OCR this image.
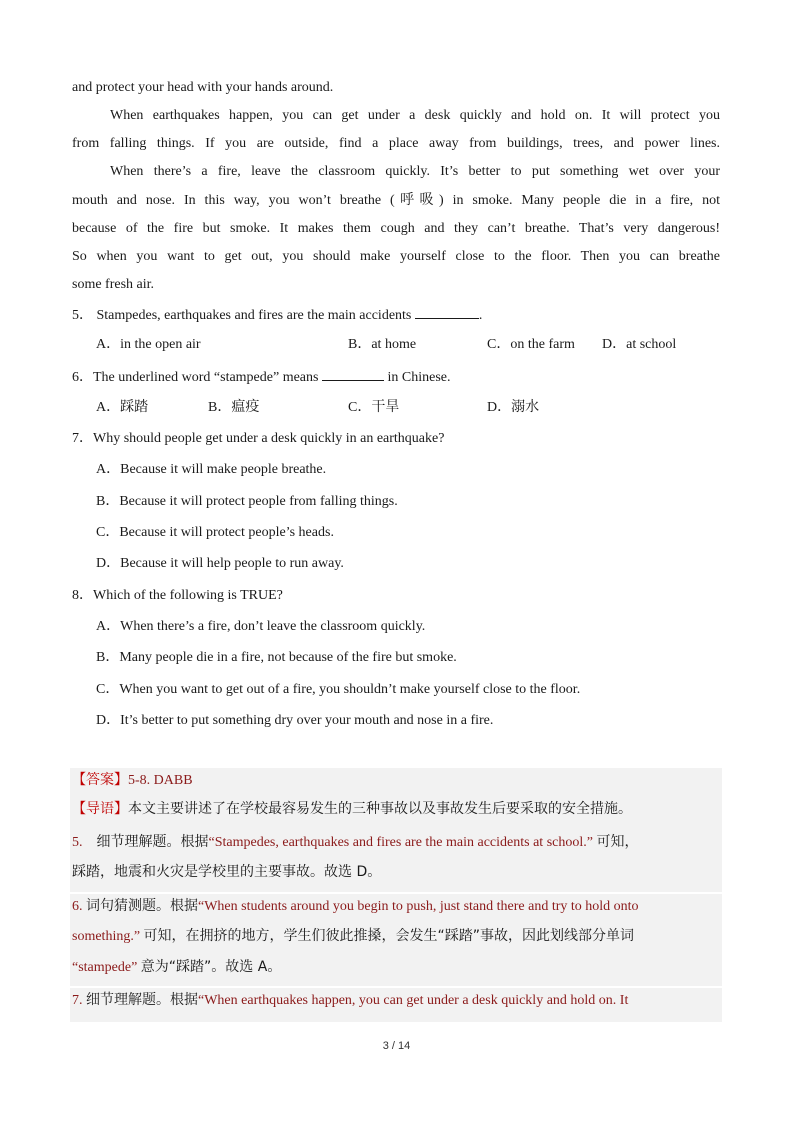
and protect your head with your hands around.
When earthquakes happen, you can get under a desk quickly and hold on. It will protect you
from falling things. If you are outside, find a place away from buildings, trees, and power lines.
When there’s a fire, leave the classroom quickly. It’s better to put something wet over your
mouth and nose. In this way, you won’t breathe (呼吸) in smoke. Many people die in a fire, not
because of the fire but smoke. It makes them cough and they can’t breathe. That’s very dangerous!
So when you want to get out, you should make yourself close to the floor. Then you can breathe
some fresh air.
5． Stampedes, earthquakes and fires are the main accidents	.
A．in the open air	B．at home	C．on the farm D．at school
6．The underlined word “stampede” means	in Chinese.
A．踩踏	B．瘟疫	C．干旱	D．溺水
7．Why should people get under a desk quickly in an earthquake?
A．Because it will make people breathe.
B．Because it will protect people from falling things.
C．Because it will protect people’s heads.
D．Because it will help people to run away.
8．Which of the following is TRUE?
A．When there’s a fire, don’t leave the classroom quickly.
B．Many people die in a fire, not because of the fire but smoke.
C．When you want to get out of a fire, you shouldn’t make yourself close to the floor.
D．It’s better to put something dry over your mouth and nose in a fire.
【答案】5-8. DABB
【导语】本文主要讲述了在学校最容易发生的三种事故以及事故发生后要采取的安全措施。
5.    细节理解题。根据“Stampedes, earthquakes and fires are the main accidents at school.” 可知，
踩踏，地震和火灾是学校里的主要事故。故选 D。
6. 词句猜测题。根据“When students around you begin to push, just stand there and try to hold onto
something.” 可知，在拥挤的地方，学生们彼此推搡，会发生“踩踏”事故，因此划线部分单词
“stampede” 意为“踩踏”。故选 A。
7. 细节理解题。根据“When earthquakes happen, you can get under a desk quickly and hold on. It
3 / 14
